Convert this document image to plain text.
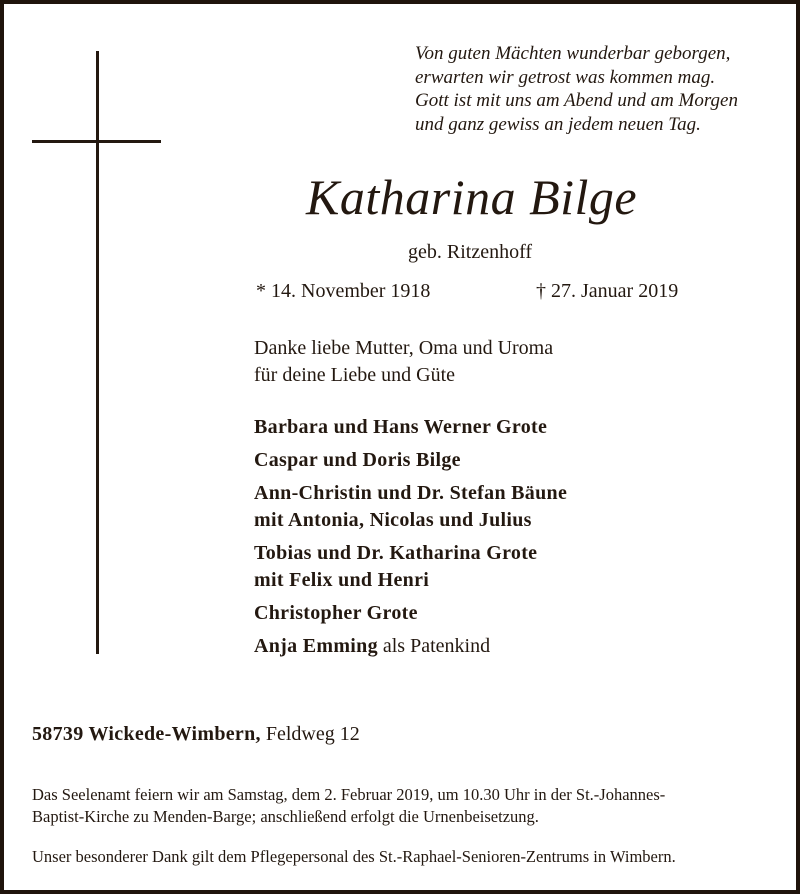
Von guten Mächten wunderbar geborgen,
erwarten wir getrost was kommen mag.
Gott ist mit uns am Abend und am Morgen
und ganz gewiss an jedem neuen Tag.
Katharina Bilge
geb. Ritzenhoff
* 14. November 1918	† 27. Januar 2019
Danke liebe Mutter, Oma und Uroma
für deine Liebe und Güte
Barbara und Hans Werner Grote
Caspar und Doris Bilge
Ann-Christin und Dr. Stefan Bäune
mit Antonia, Nicolas und Julius
Tobias und Dr. Katharina Grote
mit Felix und Henri
Christopher Grote
Anja Emming als Patenkind
58739 Wickede-Wimbern, Feldweg 12
Das Seelenamt feiern wir am Samstag, dem 2. Februar 2019, um 10.30 Uhr in der St.-Johannes-
Baptist-Kirche zu Menden-Barge; anschließend erfolgt die Urnenbeisetzung.
Unser besonderer Dank gilt dem Pflegepersonal des St.-Raphael-Senioren-Zentrums in Wimbern.
